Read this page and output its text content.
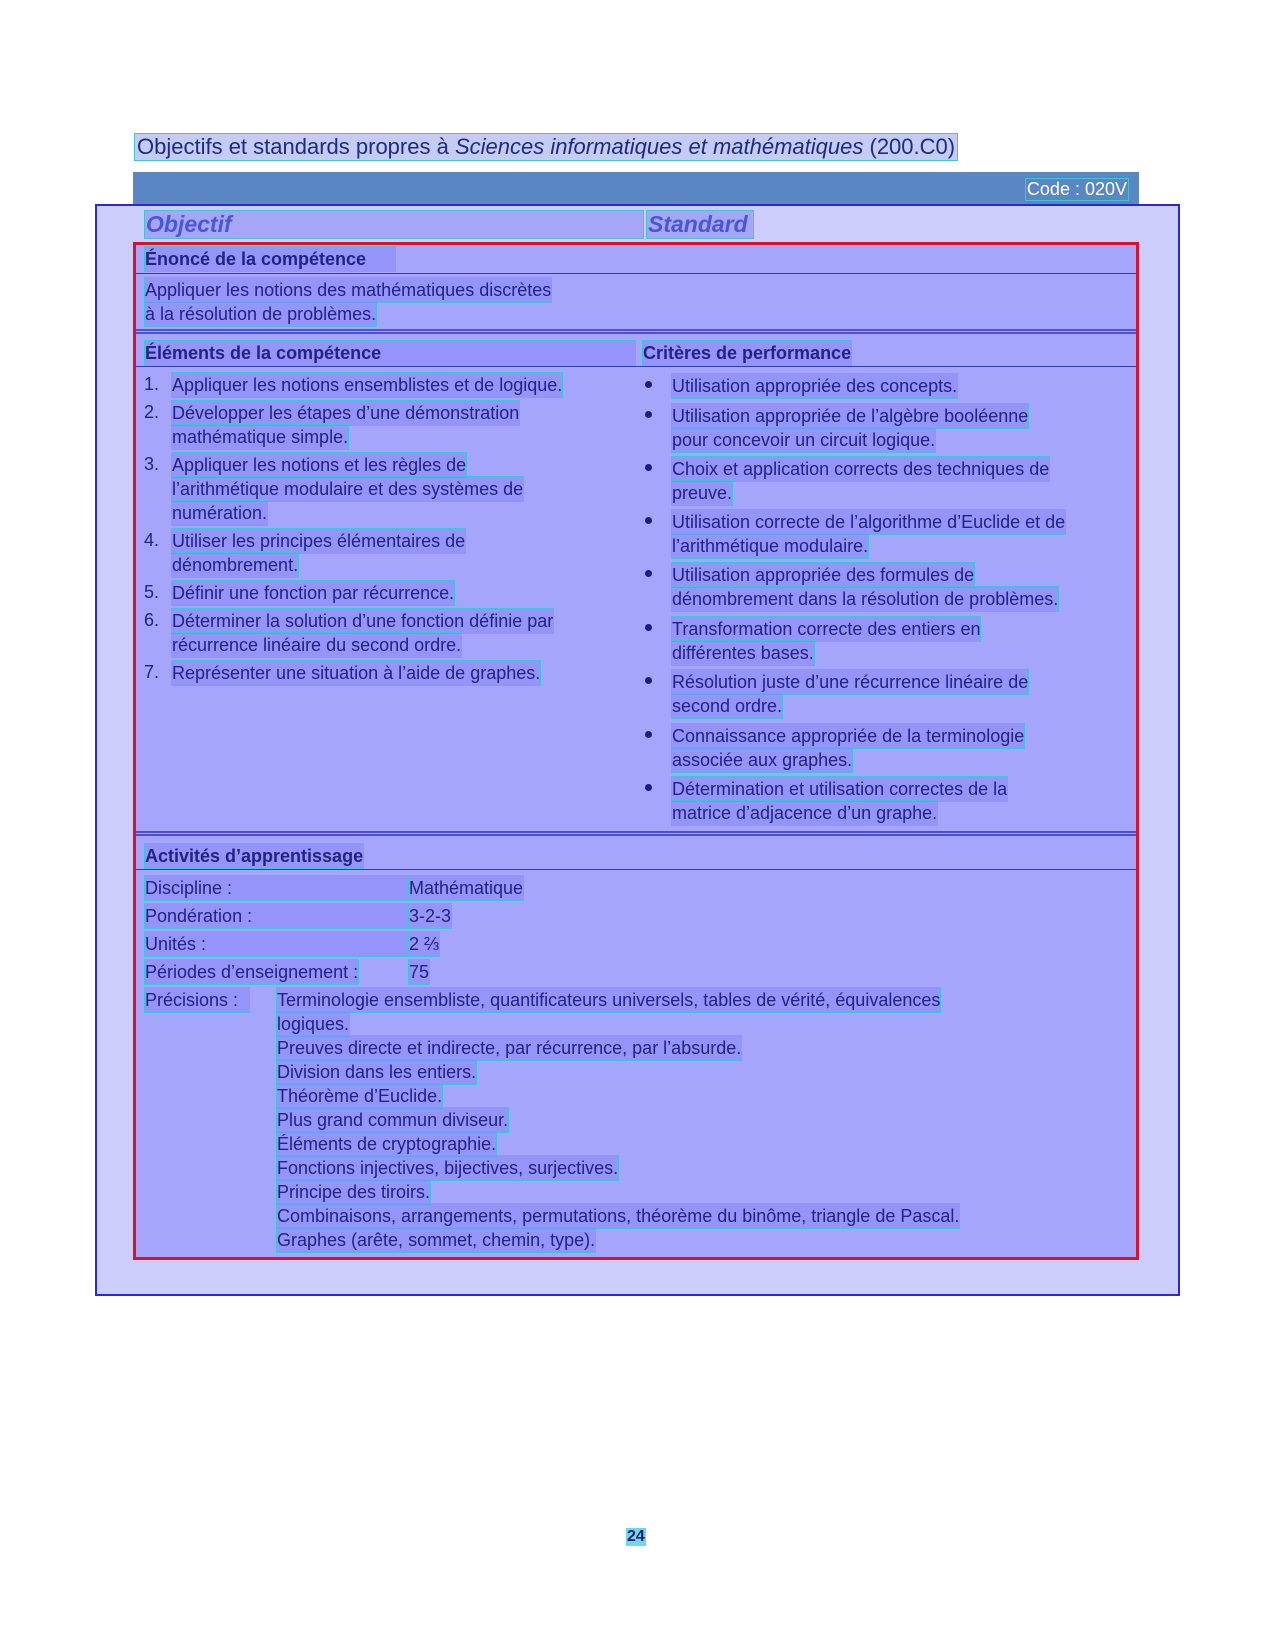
Objectifs et standards propres à Sciences informatiques et mathématiques (200.C0)
Code : 020V
Objectif	Standard
Énoncé de la compétence
Appliquer les notions des mathématiques discrètes
à la résolution de problèmes.
Éléments de la compétence	Critères de performance
1. Appliquer les notions ensemblistes et de logique.
2. Développer les étapes d’une démonstration
mathématique simple.
3. Appliquer les notions et les règles de
l’arithmétique modulaire et des systèmes de
numération.
4. Utiliser les principes élémentaires de
dénombrement.
5. Définir une fonction par récurrence.
6. Déterminer la solution d’une fonction définie par
récurrence linéaire du second ordre.
7. Représenter une situation à l’aide de graphes.
Utilisation appropriée des concepts.
Utilisation appropriée de l’algèbre booléenne
pour concevoir un circuit logique.
Choix et application corrects des techniques de
preuve.
Utilisation correcte de l’algorithme d’Euclide et de
l’arithmétique modulaire.
Utilisation appropriée des formules de
dénombrement dans la résolution de problèmes.
Transformation correcte des entiers en
différentes bases.
Résolution juste d’une récurrence linéaire de
second ordre.
Connaissance appropriée de la terminologie
associée aux graphes.
Détermination et utilisation correctes de la
matrice d’adjacence d’un graphe.
Activités d’apprentissage
Discipline :	Mathématique
Pondération :	3-2-3
Unités :	2 ⅔
Périodes d’enseignement :	75
Précisions :	Terminologie ensembliste, quantificateurs universels, tables de vérité, équivalences
logiques.
Preuves directe et indirecte, par récurrence, par l’absurde.
Division dans les entiers.
Théorème d’Euclide.
Plus grand commun diviseur.
Éléments de cryptographie.
Fonctions injectives, bijectives, surjectives.
Principe des tiroirs.
Combinaisons, arrangements, permutations, théorème du binôme, triangle de Pascal.
Graphes (arête, sommet, chemin, type).
24
